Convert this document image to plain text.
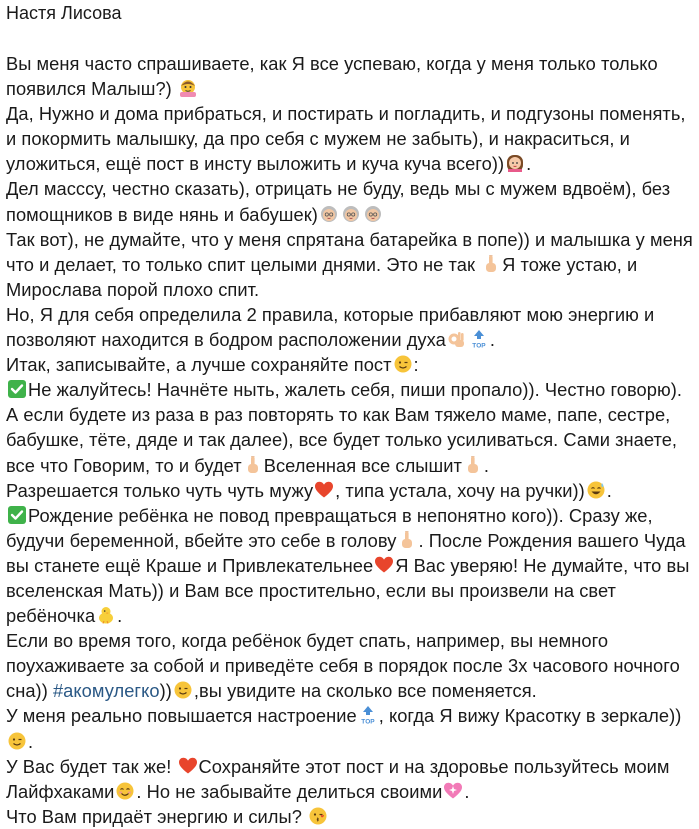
Настя Лисова

Вы меня часто спрашиваете, как Я все успеваю, когда у меня только только появился Малыш?)

Да, Нужно и дома прибраться, и постирать и погладить, и подгузоны поменять, и покормить малышку, да про себя с мужем не забыть), и накраситься, и уложиться, ещё пост в инсту выложить и куча куча всего)) .

Дел масссу, честно сказать), отрицать не буду, ведь мы с мужем вдвоём), без помощников в виде нянь и бабушек)

Так вот), не думайте, что у меня спрятана батарейка в попе)) и малышка у меня что и делает, то только спит целыми днями. Это не так
Я тоже устаю, и Мирослава порой плохо спит.

Но, Я для себя определила 2 правила, которые прибавляют мою энергию и позволяют находится в бодром расположении духа	TOP .

Итак, записывайте, а лучше сохраняйте пост :

Не жалуйтесь! Начнёте ныть, жалеть себя, пиши пропало)). Честно говорю). А если будете из раза в раз повторять то как Вам тяжело маме, папе, сестре, бабушке, тёте, дяде и так далее), все будет только усиливаться. Сами знаете, все что Говорим, то и будет Вселенная все слышит .

Разрешается только чуть чуть мужу , типа устала, хочу на ручки)) .

Рождение ребёнка не повод превращаться в непонятно кого)). Сразу же, будучи беременной, вбейте это себе в голову . После Рождения вашего Чуда вы станете ещё Краше и Привлекательнее Я Вас уверяю! Не думайте, что вы вселенская Мать)) и Вам все простительно, если вы произвели на свет ребёночка .

Если во время того, когда ребёнок будет спать, например, вы немного поухаживаете за собой и приведёте себя в порядок после 3х часового ночного сна)) #акомулегко)) ,вы увидите на сколько все поменяется.

У меня реально повышается настроение TOP , когда Я вижу Красотку в зеркале))
.

У Вас будет так же!
Сохраняйте этот пост и на здоровье пользуйтесь моим Лайфхаками . Но не забывайте делиться своими .

Что Вам придаёт энергию и силы?
